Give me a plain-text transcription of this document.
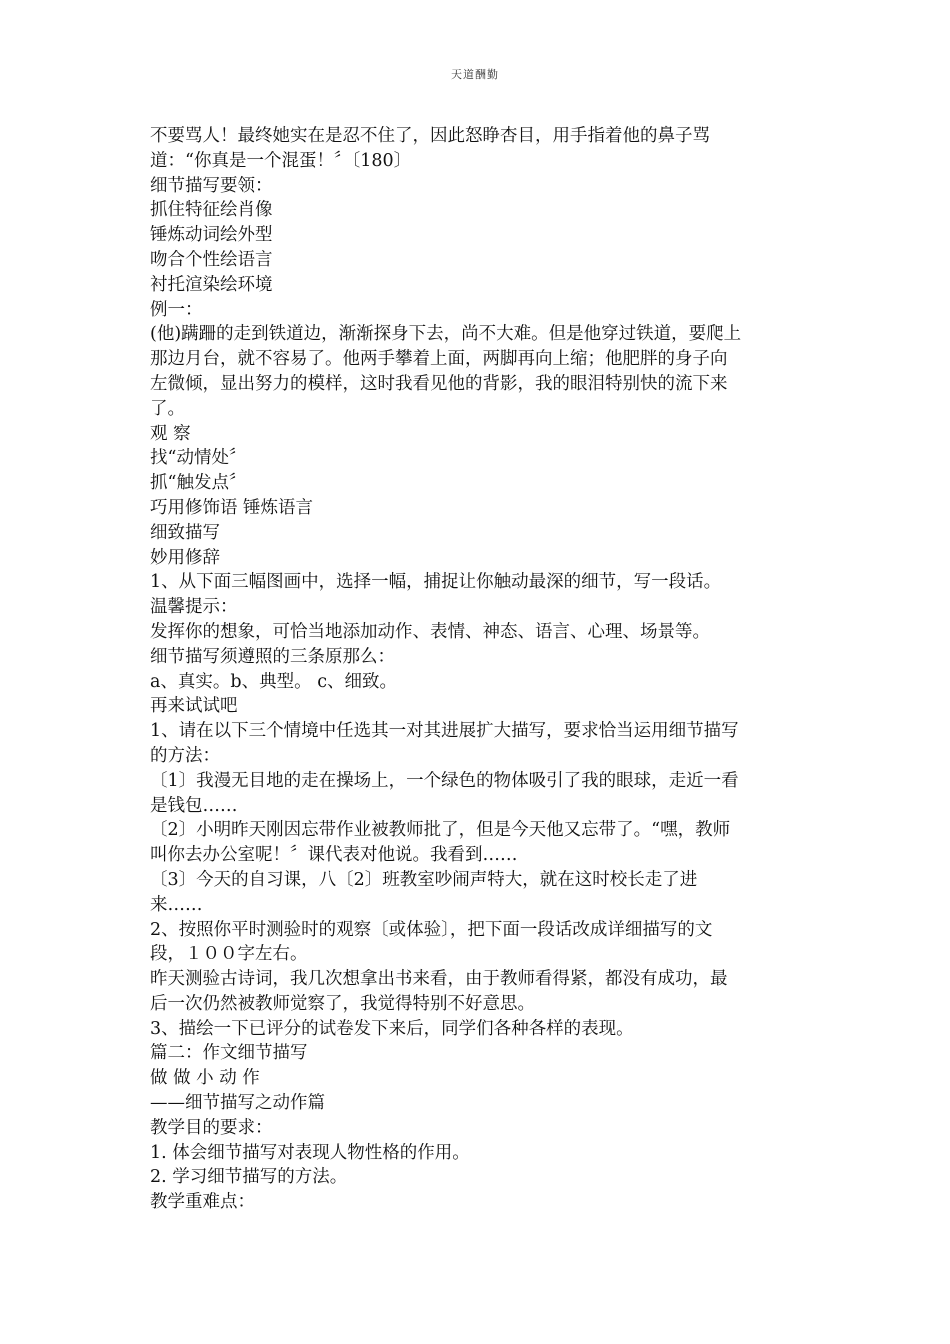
天道酬勤
不要骂人！最终她实在是忍不住了，因此怒睁杏目，用手指着他的鼻子骂
道：“你真是一个混蛋！〞〔180〕
细节描写要领：
抓住特征绘肖像
锤炼动词绘外型
吻合个性绘语言
衬托渲染绘环境
例一：
(他)蹒跚的走到铁道边，渐渐探身下去，尚不大难。但是他穿过铁道，要爬上
那边月台，就不容易了。他两手攀着上面，两脚再向上缩；他肥胖的身子向
左微倾，显出努力的模样，这时我看见他的背影，我的眼泪特别快的流下来
了。
观 察
找“动情处〞
抓“触发点〞
巧用修饰语 锤炼语言
细致描写
妙用修辞
1、从下面三幅图画中，选择一幅，捕捉让你触动最深的细节，写一段话。
温馨提示：
发挥你的想象，可恰当地添加动作、表情、神态、语言、心理、场景等。
细节描写须遵照的三条原那么：
a、真实。b、典型。 c、细致。
再来试试吧
1、请在以下三个情境中任选其一对其进展扩大描写，要求恰当运用细节描写
的方法：
〔1〕我漫无目地的走在操场上，一个绿色的物体吸引了我的眼球，走近一看
是钱包……
〔2〕小明昨天刚因忘带作业被教师批了，但是今天他又忘带了。“嘿，教师
叫你去办公室呢！〞课代表对他说。我看到……
〔3〕今天的自习课，八〔2〕班教室吵闹声特大，就在这时校长走了进
来……
2、按照你平时测验时的观察〔或体验〕，把下面一段话改成详细描写的文
段，１００字左右。
昨天测验古诗词，我几次想拿出书来看，由于教师看得紧，都没有成功，最
后一次仍然被教师觉察了，我觉得特别不好意思。
3、描绘一下已评分的试卷发下来后，同学们各种各样的表现。
篇二：作文细节描写
做 做 小 动 作
——细节描写之动作篇
教学目的要求：
1. 体会细节描写对表现人物性格的作用。
2. 学习细节描写的方法。
教学重难点：
